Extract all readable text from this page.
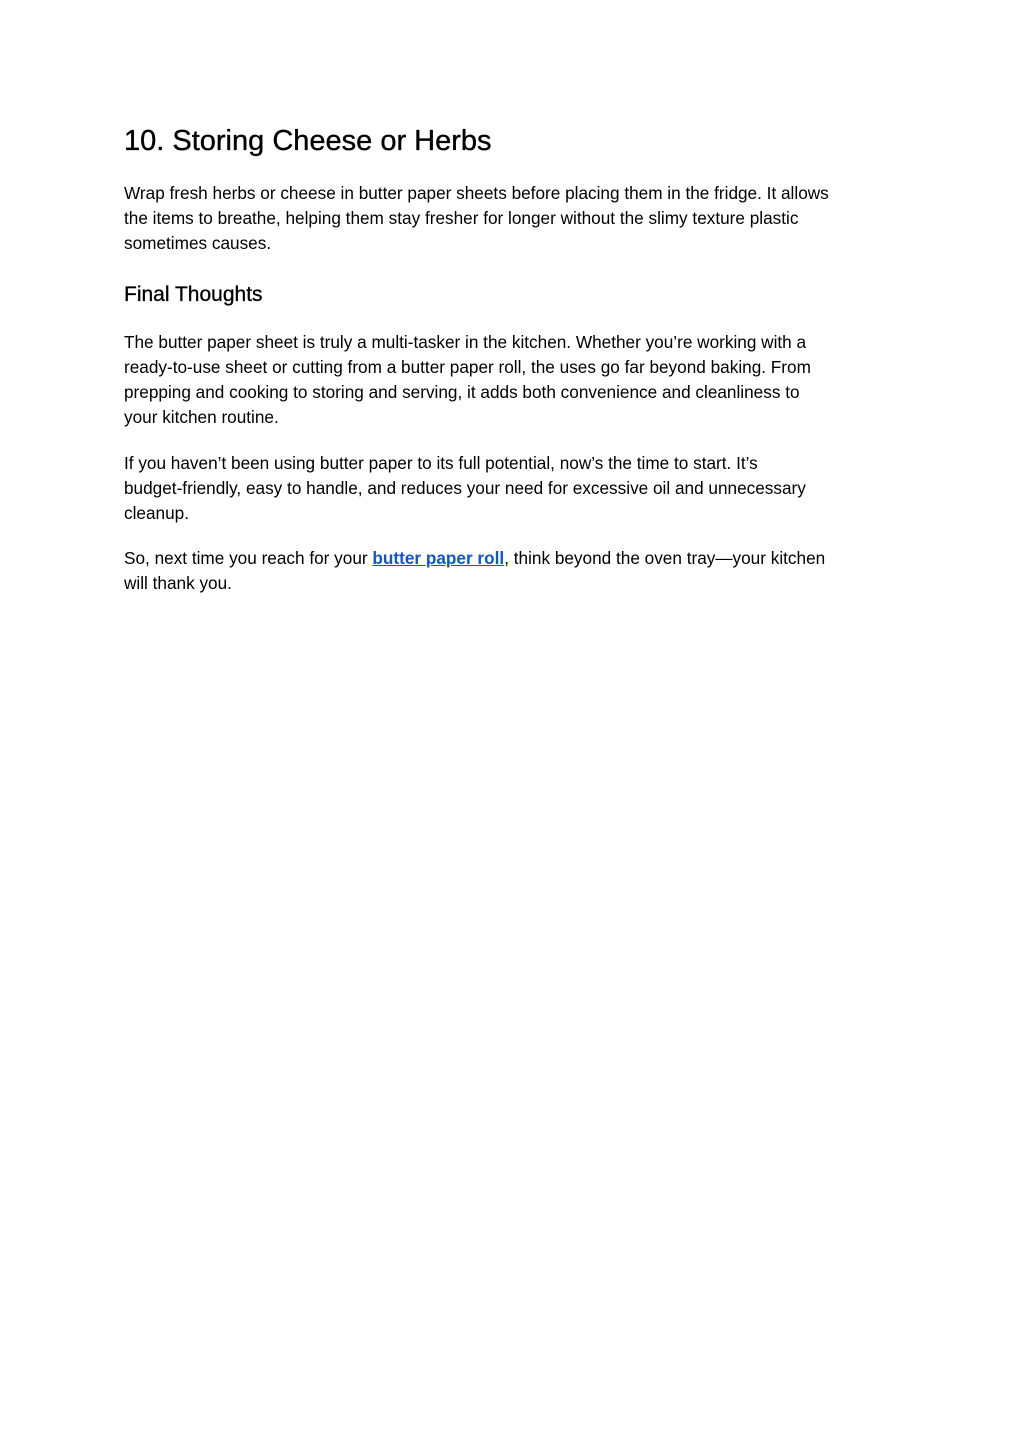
10. Storing Cheese or Herbs

Wrap fresh herbs or cheese in butter paper sheets before placing them in the fridge. It allows
the items to breathe, helping them stay fresher for longer without the slimy texture plastic
sometimes causes.

Final Thoughts

The butter paper sheet is truly a multi-tasker in the kitchen. Whether you’re working with a
ready-to-use sheet or cutting from a butter paper roll, the uses go far beyond baking. From
prepping and cooking to storing and serving, it adds both convenience and cleanliness to
your kitchen routine.

If you haven’t been using butter paper to its full potential, now’s the time to start. It’s
budget-friendly, easy to handle, and reduces your need for excessive oil and unnecessary
cleanup.

So, next time you reach for your butter paper roll, think beyond the oven tray—your kitchen
will thank you.
